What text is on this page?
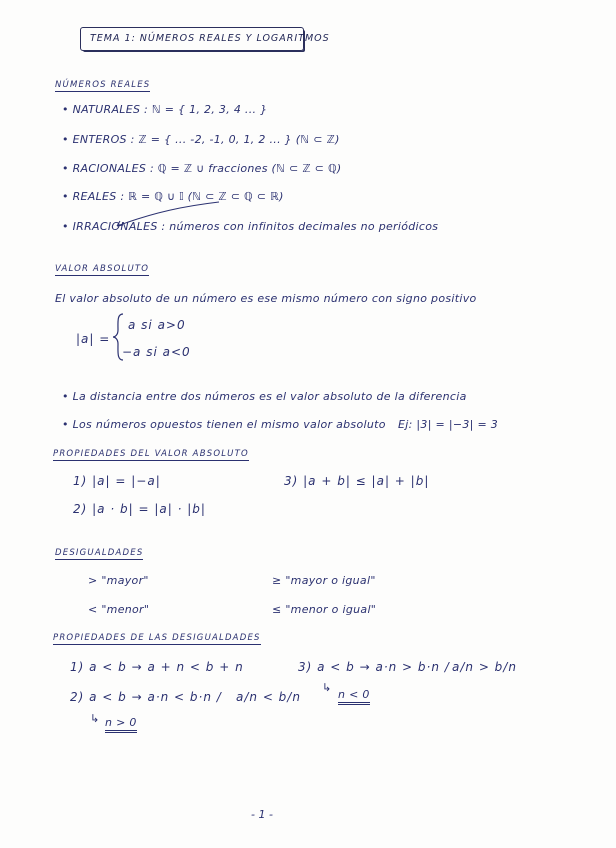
TEMA 1: NÚMEROS REALES Y LOGARITMOS
NÚMEROS REALES
• NATURALES : ℕ = { 1, 2, 3, 4 ... }
• ENTEROS : ℤ = { ... -2, -1, 0, 1, 2 ... } (ℕ ⊂ ℤ)
• RACIONALES : ℚ = ℤ ∪ fracciones (ℕ ⊂ ℤ ⊂ ℚ)
• REALES : ℝ = ℚ ∪ 𝕀 (ℕ ⊂ ℤ ⊂ ℚ ⊂ ℝ)
• IRRACIONALES : números con infinitos decimales no periódicos
VALOR ABSOLUTO
El valor absoluto de un número es ese mismo número con signo positivo
|a| =
a si a>0
−a si a<0
• La distancia entre dos números es el valor absoluto de la diferencia
• Los números opuestos tienen el mismo valor absoluto Ej: |3| = |−3| = 3
PROPIEDADES DEL VALOR ABSOLUTO
1) |a| = |−a|	3) |a + b| ≤ |a| + |b|
2) |a · b| = |a| · |b|
DESIGUALDADES
> "mayor"	≥ "mayor o igual"
< "menor"	≤ "menor o igual"
PROPIEDADES DE LAS DESIGUALDADES
1) a < b → a + n < b + n
2) a < b → a·n < b·n / a/n < b/n
↳ n > 0
3) a < b → a·n > b·n / a/n > b/n
↳
n < 0
- 1 -
